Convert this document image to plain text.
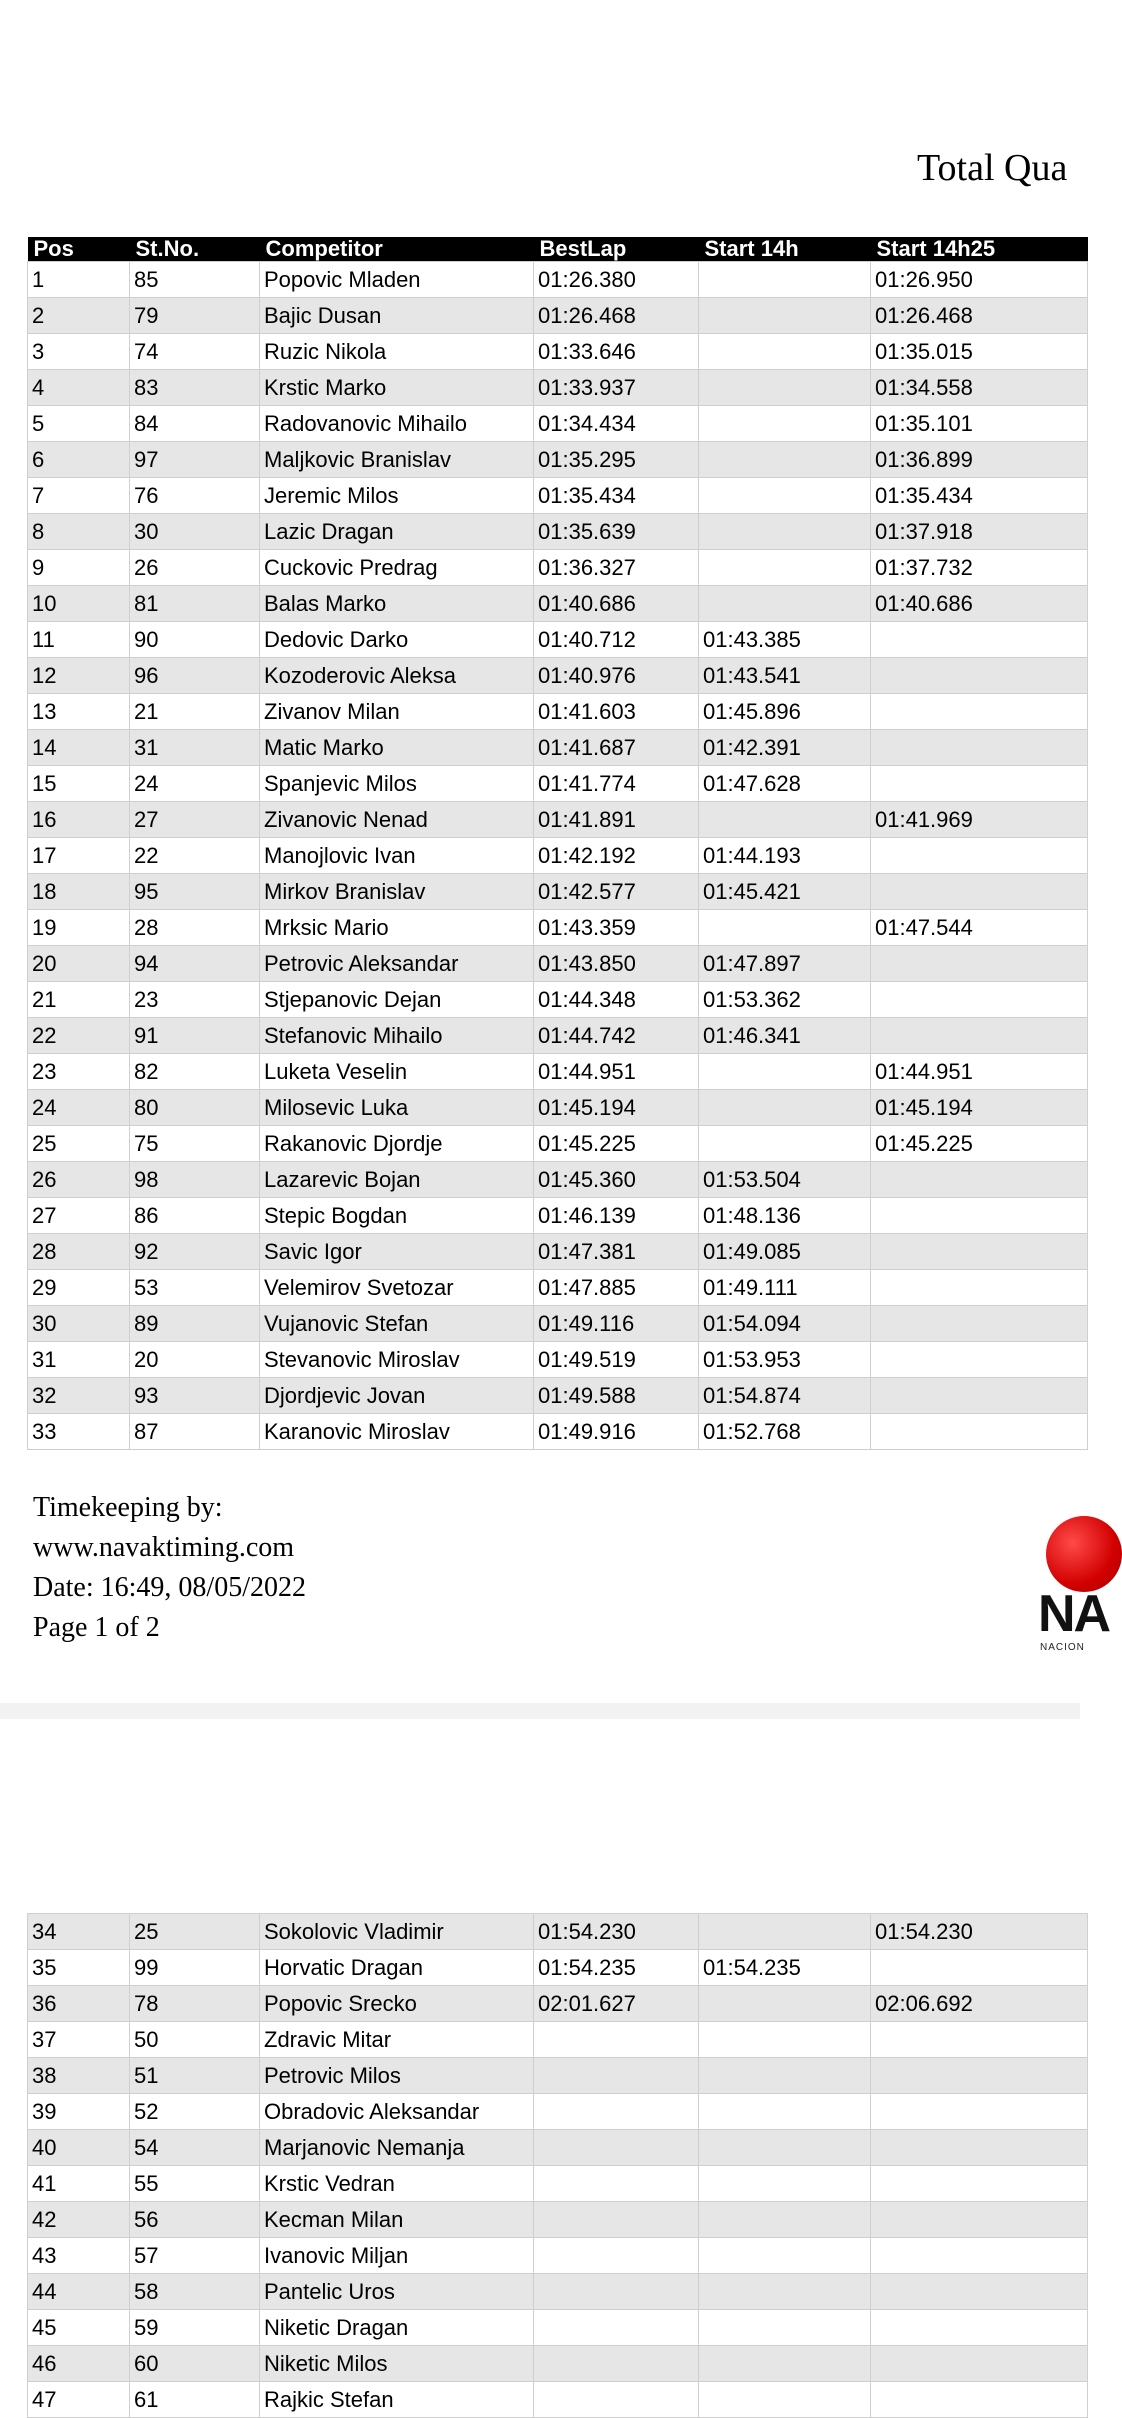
Total Qua
Pos	St.No.	Competitor	BestLap	Start 14h	Start 14h25
1	85	Popovic Mladen	01:26.380		01:26.950
2	79	Bajic Dusan	01:26.468		01:26.468
3	74	Ruzic Nikola	01:33.646		01:35.015
4	83	Krstic Marko	01:33.937		01:34.558
5	84	Radovanovic Mihailo	01:34.434		01:35.101
6	97	Maljkovic Branislav	01:35.295		01:36.899
7	76	Jeremic Milos	01:35.434		01:35.434
8	30	Lazic Dragan	01:35.639		01:37.918
9	26	Cuckovic Predrag	01:36.327		01:37.732
10	81	Balas Marko	01:40.686		01:40.686
11	90	Dedovic Darko	01:40.712	01:43.385	
12	96	Kozoderovic Aleksa	01:40.976	01:43.541	
13	21	Zivanov Milan	01:41.603	01:45.896	
14	31	Matic Marko	01:41.687	01:42.391	
15	24	Spanjevic Milos	01:41.774	01:47.628	
16	27	Zivanovic Nenad	01:41.891		01:41.969
17	22	Manojlovic Ivan	01:42.192	01:44.193	
18	95	Mirkov Branislav	01:42.577	01:45.421	
19	28	Mrksic Mario	01:43.359		01:47.544
20	94	Petrovic Aleksandar	01:43.850	01:47.897	
21	23	Stjepanovic Dejan	01:44.348	01:53.362	
22	91	Stefanovic Mihailo	01:44.742	01:46.341	
23	82	Luketa Veselin	01:44.951		01:44.951
24	80	Milosevic Luka	01:45.194		01:45.194
25	75	Rakanovic Djordje	01:45.225		01:45.225
26	98	Lazarevic Bojan	01:45.360	01:53.504	
27	86	Stepic Bogdan	01:46.139	01:48.136	
28	92	Savic Igor	01:47.381	01:49.085	
29	53	Velemirov Svetozar	01:47.885	01:49.111	
30	89	Vujanovic Stefan	01:49.116	01:54.094	
31	20	Stevanovic Miroslav	01:49.519	01:53.953	
32	93	Djordjevic Jovan	01:49.588	01:54.874	
33	87	Karanovic Miroslav	01:49.916	01:52.768	
Timekeeping by:
www.navaktiming.com
Date: 16:49, 08/05/2022
Page 1 of 2	NA
NACION
34	25	Sokolovic Vladimir	01:54.230		01:54.230
35	99	Horvatic Dragan	01:54.235	01:54.235	
36	78	Popovic Srecko	02:01.627		02:06.692
37	50	Zdravic Mitar			
38	51	Petrovic Milos			
39	52	Obradovic Aleksandar			
40	54	Marjanovic Nemanja			
41	55	Krstic Vedran			
42	56	Kecman Milan			
43	57	Ivanovic Miljan			
44	58	Pantelic Uros			
45	59	Niketic Dragan			
46	60	Niketic Milos			
47	61	Rajkic Stefan			
